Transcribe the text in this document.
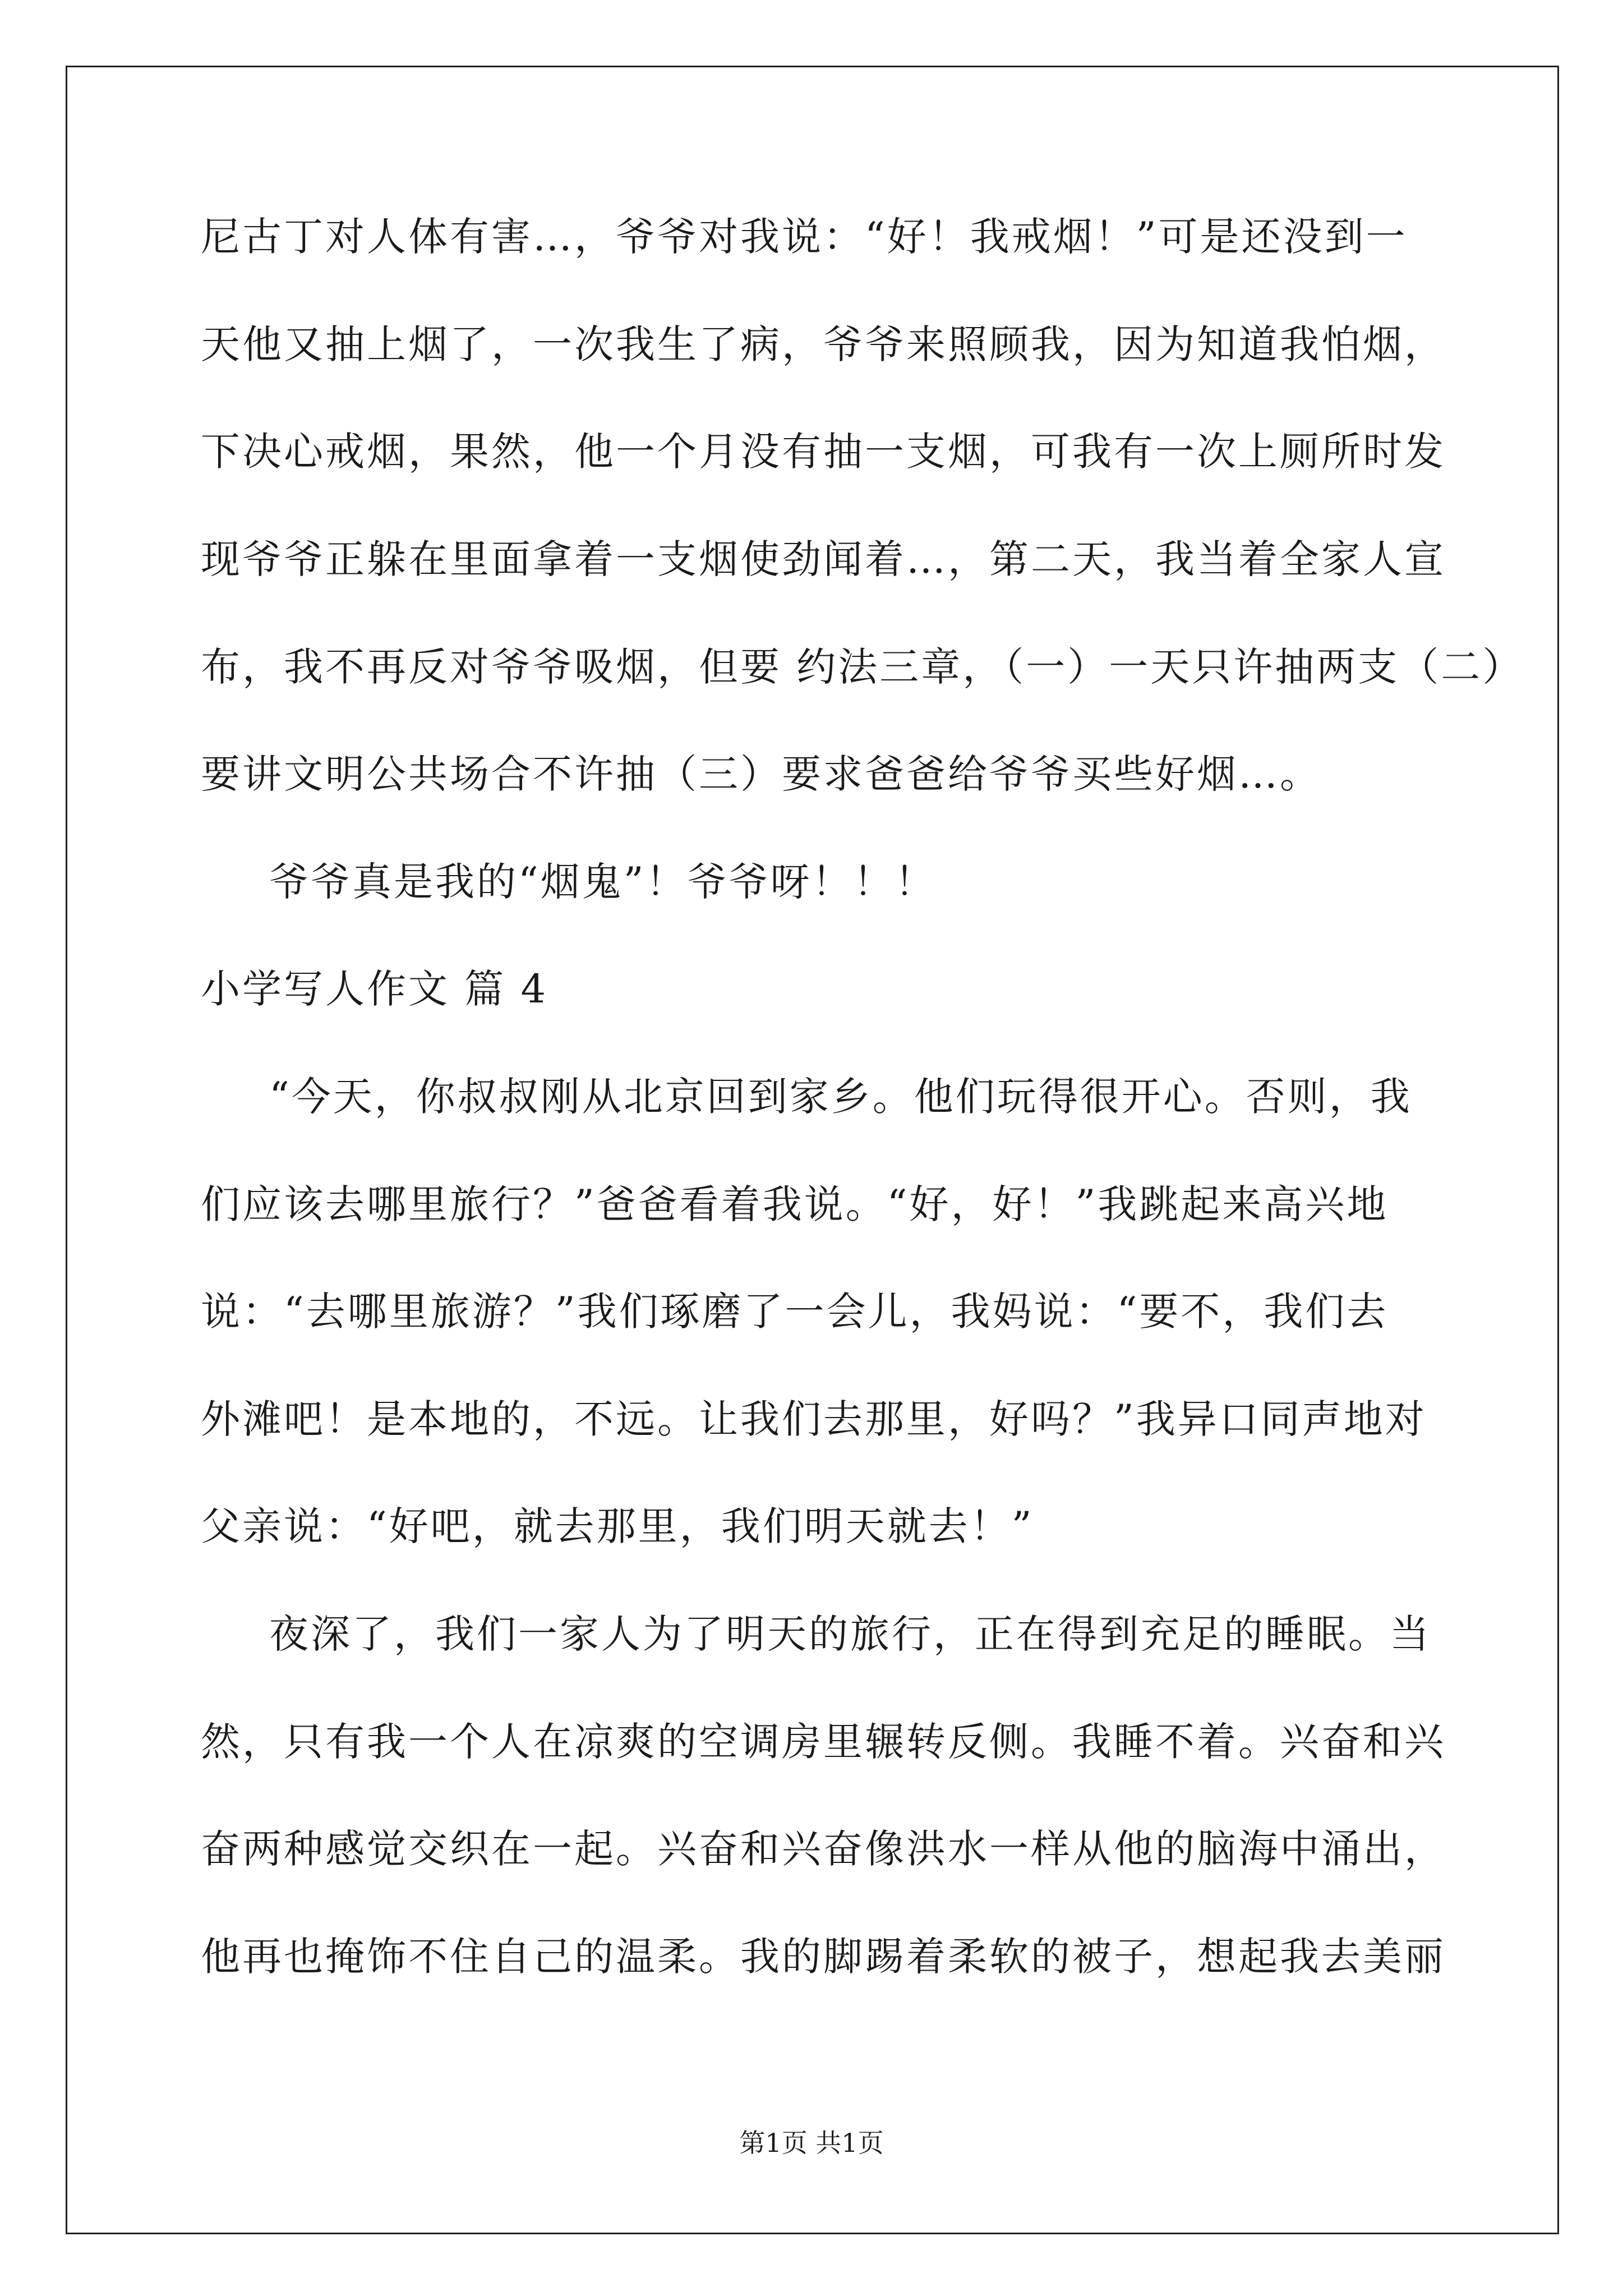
尼古丁对人体有害…，爷爷对我说：“好！我戒烟！”可是还没到一
天他又抽上烟了，一次我生了病，爷爷来照顾我，因为知道我怕烟，
下决心戒烟，果然，他一个月没有抽一支烟，可我有一次上厕所时发
现爷爷正躲在里面拿着一支烟使劲闻着…，第二天，我当着全家人宣
布，我不再反对爷爷吸烟，但要 约法三章，（一）一天只许抽两支（二）
要讲文明公共场合不许抽（三）要求爸爸给爷爷买些好烟…。
爷爷真是我的“烟鬼”！爷爷呀！！！
小学写人作文 篇 4
“今天，你叔叔刚从北京回到家乡。他们玩得很开心。否则，我
们应该去哪里旅行？”爸爸看着我说。“好，好！”我跳起来高兴地
说：“去哪里旅游？”我们琢磨了一会儿，我妈说：“要不，我们去
外滩吧！是本地的，不远。让我们去那里，好吗？”我异口同声地对
父亲说：“好吧，就去那里，我们明天就去！”
夜深了，我们一家人为了明天的旅行，正在得到充足的睡眠。当
然，只有我一个人在凉爽的空调房里辗转反侧。我睡不着。兴奋和兴
奋两种感觉交织在一起。兴奋和兴奋像洪水一样从他的脑海中涌出，
他再也掩饰不住自己的温柔。我的脚踢着柔软的被子，想起我去美丽
第1页 共1页
